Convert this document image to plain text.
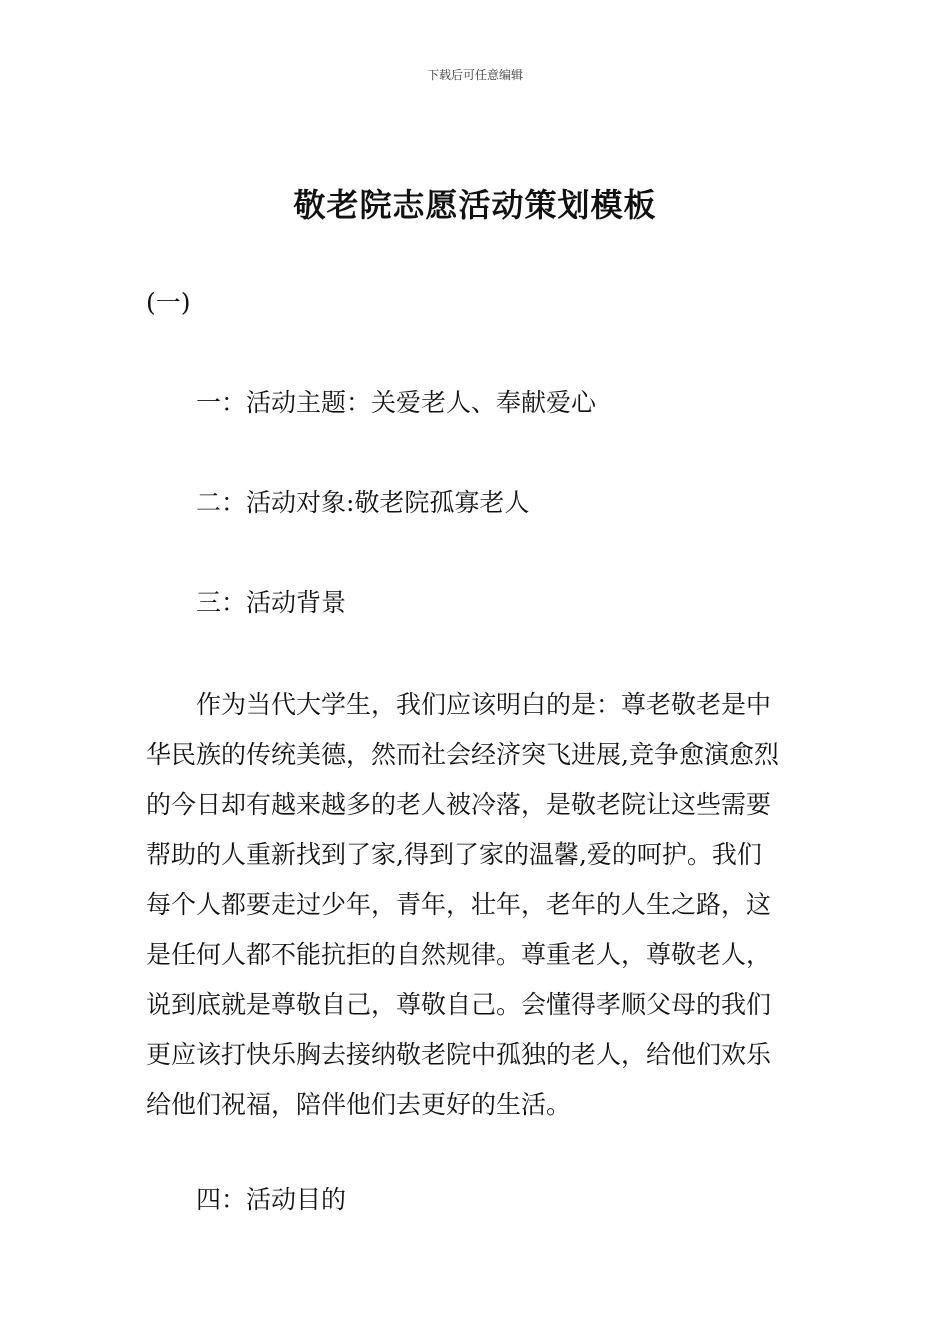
下载后可任意编辑
敬老院志愿活动策划模板
(一)
一：活动主题：关爱老人、奉献爱心
二：活动对象:敬老院孤寡老人
三：活动背景
作为当代大学生，我们应该明白的是：尊老敬老是中
华民族的传统美德，然而社会经济突飞进展,竞争愈演愈烈
的今日却有越来越多的老人被冷落，是敬老院让这些需要
帮助的人重新找到了家,得到了家的温馨,爱的呵护。我们
每个人都要走过少年，青年，壮年，老年的人生之路，这
是任何人都不能抗拒的自然规律。尊重老人，尊敬老人，
说到底就是尊敬自己，尊敬自己。会懂得孝顺父母的我们
更应该打快乐胸去接纳敬老院中孤独的老人，给他们欢乐
给他们祝福，陪伴他们去更好的生活。
四：活动目的
